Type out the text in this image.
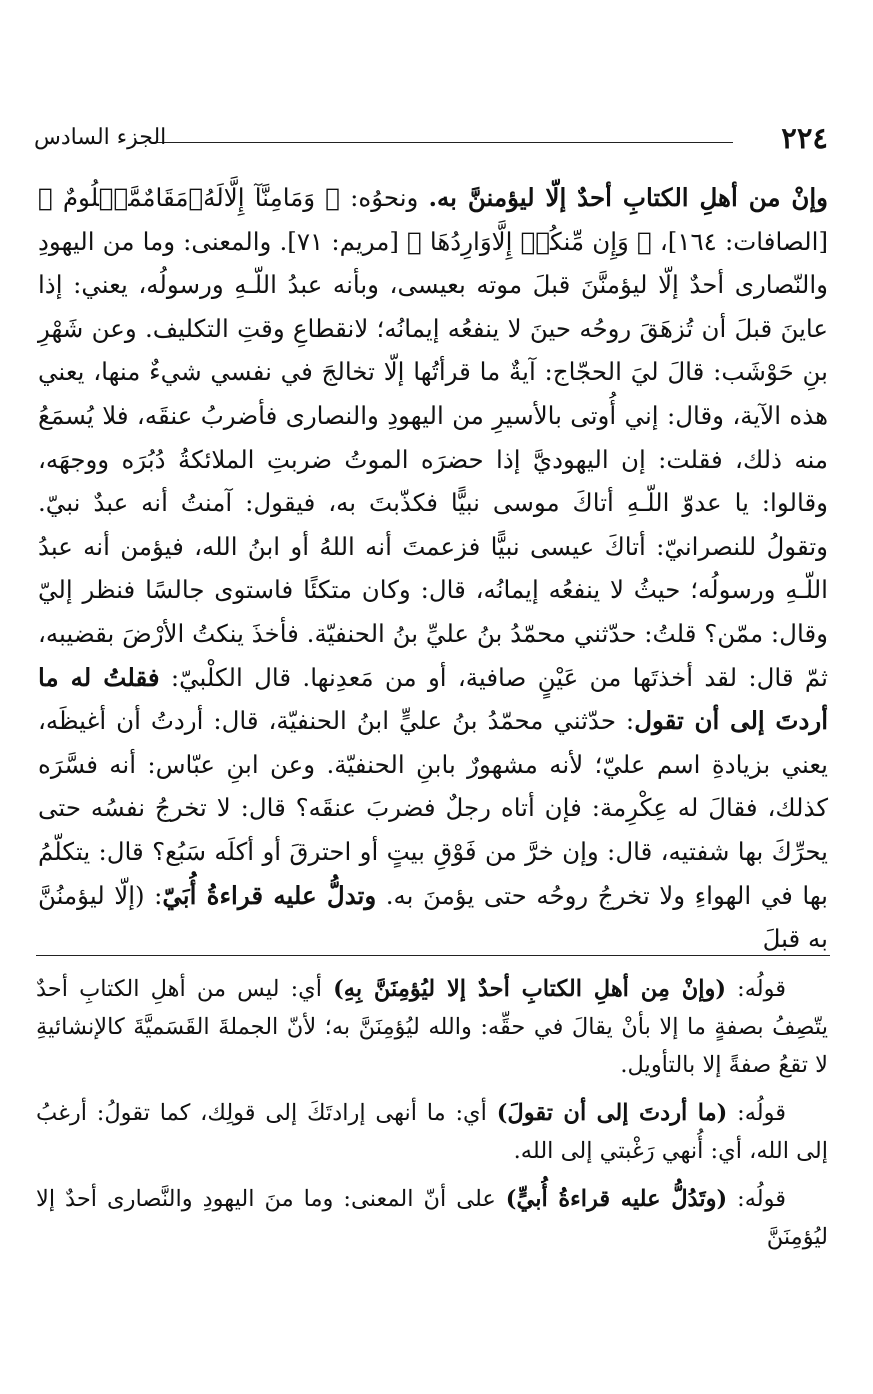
٢٢٤
الجزء السادس

وإنْ من أهلِ الكتابِ أحدٌ إلّا ليؤمننَّ به. ونحوُه: ﴿ وَمَامِنَّآ إِلَّالَهُۥمَقَامٌمَّعۡلُومٌ ﴾ [الصافات: ١٦٤]، ﴿ وَإِن مِّنكُمۡ إِلَّاوَارِدُهَا ﴾ [مريم: ٧١]. والمعنى: وما من اليهودِ والنّصارى أحدٌ إلّا ليؤمنَّنَ قبلَ موته بعيسى، وبأنه عبدُ اللّـهِ ورسولُه، يعني: إذا عاينَ قبلَ أن تُزهَقَ روحُه حينَ لا ينفعُه إيمانُه؛ لانقطاعِ وقتِ التكليف. وعن شَهْرِ بنِ حَوْشَب: قالَ ليَ الحجّاج: آيةٌ ما قرأتُها إلّا تخالجَ في نفسي شيءٌ منها، يعني هذه الآية، وقال: إني أُوتى بالأسيرِ من اليهودِ والنصارى فأضربُ عنقَه، فلا يُسمَعُ منه ذلك، فقلت: إن اليهوديَّ إذا حضرَه الموتُ ضربتِ الملائكةُ دُبُرَه ووجهَه، وقالوا: يا عدوّ اللّـهِ أتاكَ موسى نبيًّا فكذّبتَ به، فيقول: آمنتُ أنه عبدٌ نبيّ. وتقولُ للنصرانيّ: أتاكَ عيسى نبيًّا فزعمتَ أنه اللهُ أو ابنُ الله، فيؤمن أنه عبدُ اللّـهِ ورسولُه؛ حيثُ لا ينفعُه إيمانُه، قال: وكان متكئًا فاستوى جالسًا فنظر إليّ وقال: ممّن؟ قلتُ: حدّثني محمّدُ بنُ عليِّ بنُ الحنفيّة. فأخذَ ينكتُ الأرْضَ بقضيبه، ثمّ قال: لقد أخذتَها من عَيْنٍ صافية، أو من مَعدِنها. قال الكلْبيّ: فقلتُ له ما أردتَ إلى أن تقول: حدّثني محمّدُ بنُ عليٍّ ابنُ الحنفيّة، قال: أردتُ أن أغيظَه، يعني بزيادةِ اسم عليّ؛ لأنه مشهورٌ بابنِ الحنفيّة. وعن ابنِ عبّاس: أنه فسَّرَه كذلك، فقالَ له عِكْرِمة: فإن أتاه رجلٌ فضربَ عنقَه؟ قال: لا تخرجُ نفسُه حتى يحرِّكَ بها شفتيه، قال: وإن خرَّ من فَوْقِ بيتٍ أو احترقَ أو أكلَه سَبُع؟ قال: يتكلّمُ بها في الهواءِ ولا تخرجُ روحُه حتى يؤمنَ به. وتدلُّ عليه قراءةُ أُبَيّ: (إلّا ليؤمنُنَّ به قبلَ

قولُه: (وإنْ مِن أهلِ الكتابِ أحدٌ إلا ليُؤمِنَنَّ بِهِ) أي: ليس من أهلِ الكتابِ أحدٌ يتّصِفُ بصفةٍ ما إلا بأنْ يقالَ في حقِّه: والله ليُؤمِنَنَّ به؛ لأنّ الجملةَ القَسَميَّةَ كالإنشائيةِ لا تقعُ صفةً إلا بالتأويل.

قولُه: (ما أردتَ إلى أن تقولَ) أي: ما أنهى إرادتَكَ إلى قولِك، كما تقولُ: أرغبُ إلى الله، أي: أُنهي رَغْبتي إلى الله.

قولُه: (وتَدُلُّ عليه قراءةُ أُبيٍّ) على أنّ المعنى: وما منَ اليهودِ والنَّصارى أحدٌ إلا ليُؤمِنَنَّ
